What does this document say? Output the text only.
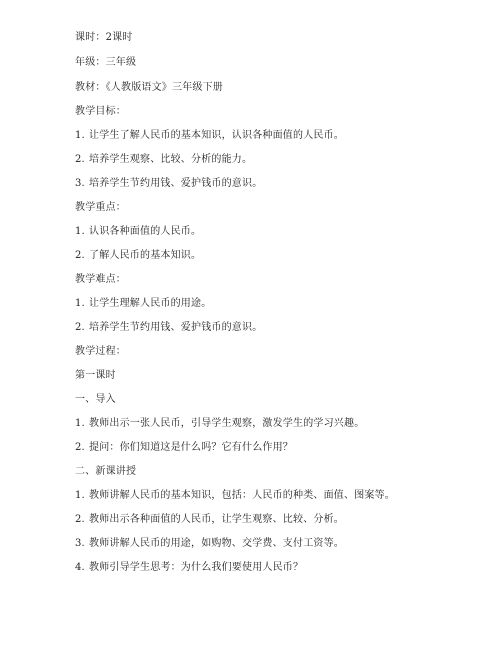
课时：2课时
年级：三年级
教材：《人教版语文》三年级下册
教学目标：
1. 让学生了解人民币的基本知识，认识各种面值的人民币。
2. 培养学生观察、比较、分析的能力。
3. 培养学生节约用钱、爱护钱币的意识。
教学重点：
1. 认识各种面值的人民币。
2. 了解人民币的基本知识。
教学难点：
1. 让学生理解人民币的用途。
2. 培养学生节约用钱、爱护钱币的意识。
教学过程：
第一课时
一、导入
1. 教师出示一张人民币，引导学生观察，激发学生的学习兴趣。
2. 提问：你们知道这是什么吗？它有什么作用？
二、新课讲授
1. 教师讲解人民币的基本知识，包括：人民币的种类、面值、图案等。
2. 教师出示各种面值的人民币，让学生观察、比较、分析。
3. 教师讲解人民币的用途，如购物、交学费、支付工资等。
4. 教师引导学生思考：为什么我们要使用人民币？
